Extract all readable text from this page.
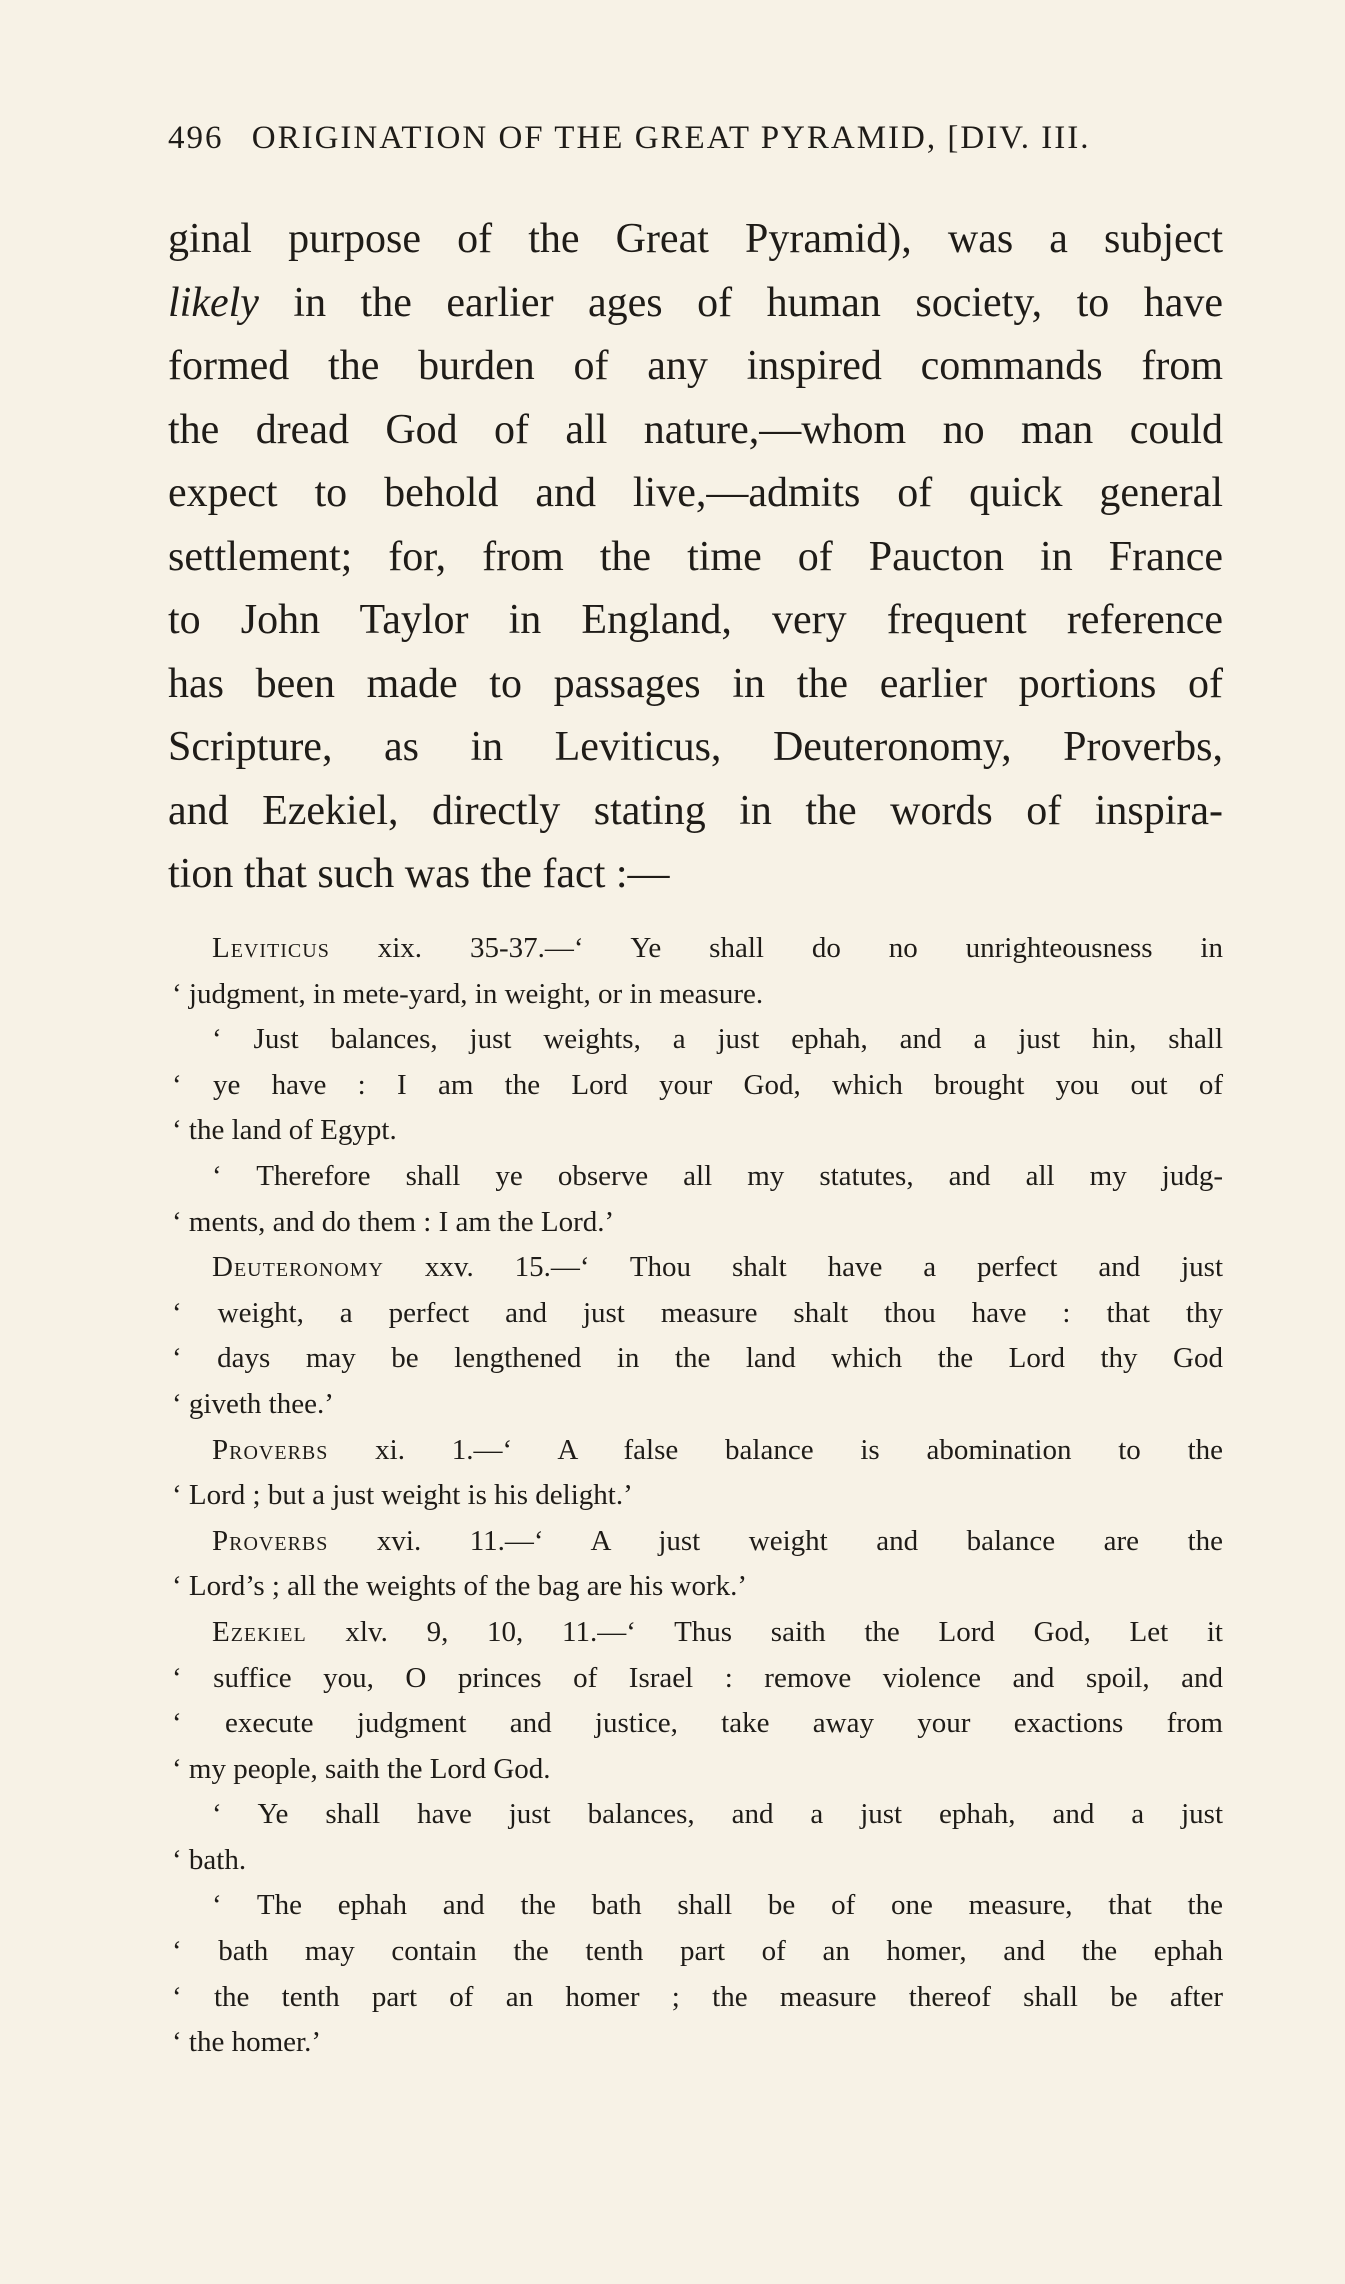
496 ORIGINATION OF THE GREAT PYRAMID, [DIV. III.
ginal purpose of the Great Pyramid), was a subject
likely in the earlier ages of human society, to have
formed the burden of any inspired commands from
the dread God of all nature,—whom no man could
expect to behold and live,—admits of quick general
settlement; for, from the time of Paucton in France
to John Taylor in England, very frequent reference
has been made to passages in the earlier portions of
Scripture, as in Leviticus, Deuteronomy, Proverbs,
and Ezekiel, directly stating in the words of inspira-
tion that such was the fact :—
Leviticus xix. 35-37.—‘ Ye shall do no unrighteousness in
‘ judgment, in mete-yard, in weight, or in measure.
‘ Just balances, just weights, a just ephah, and a just hin, shall
‘ ye have : I am the Lord your God, which brought you out of
‘ the land of Egypt.
‘ Therefore shall ye observe all my statutes, and all my judg-
‘ ments, and do them : I am the Lord.’
Deuteronomy xxv. 15.—‘ Thou shalt have a perfect and just
‘ weight, a perfect and just measure shalt thou have : that thy
‘ days may be lengthened in the land which the Lord thy God
‘ giveth thee.’
Proverbs xi. 1.—‘ A false balance is abomination to the
‘ Lord ; but a just weight is his delight.’
Proverbs xvi. 11.—‘ A just weight and balance are the
‘ Lord’s ; all the weights of the bag are his work.’
Ezekiel xlv. 9, 10, 11.—‘ Thus saith the Lord God, Let it
‘ suffice you, O princes of Israel : remove violence and spoil, and
‘ execute judgment and justice, take away your exactions from
‘ my people, saith the Lord God.
‘ Ye shall have just balances, and a just ephah, and a just
‘ bath.
‘ The ephah and the bath shall be of one measure, that the
‘ bath may contain the tenth part of an homer, and the ephah
‘ the tenth part of an homer ; the measure thereof shall be after
‘ the homer.’
